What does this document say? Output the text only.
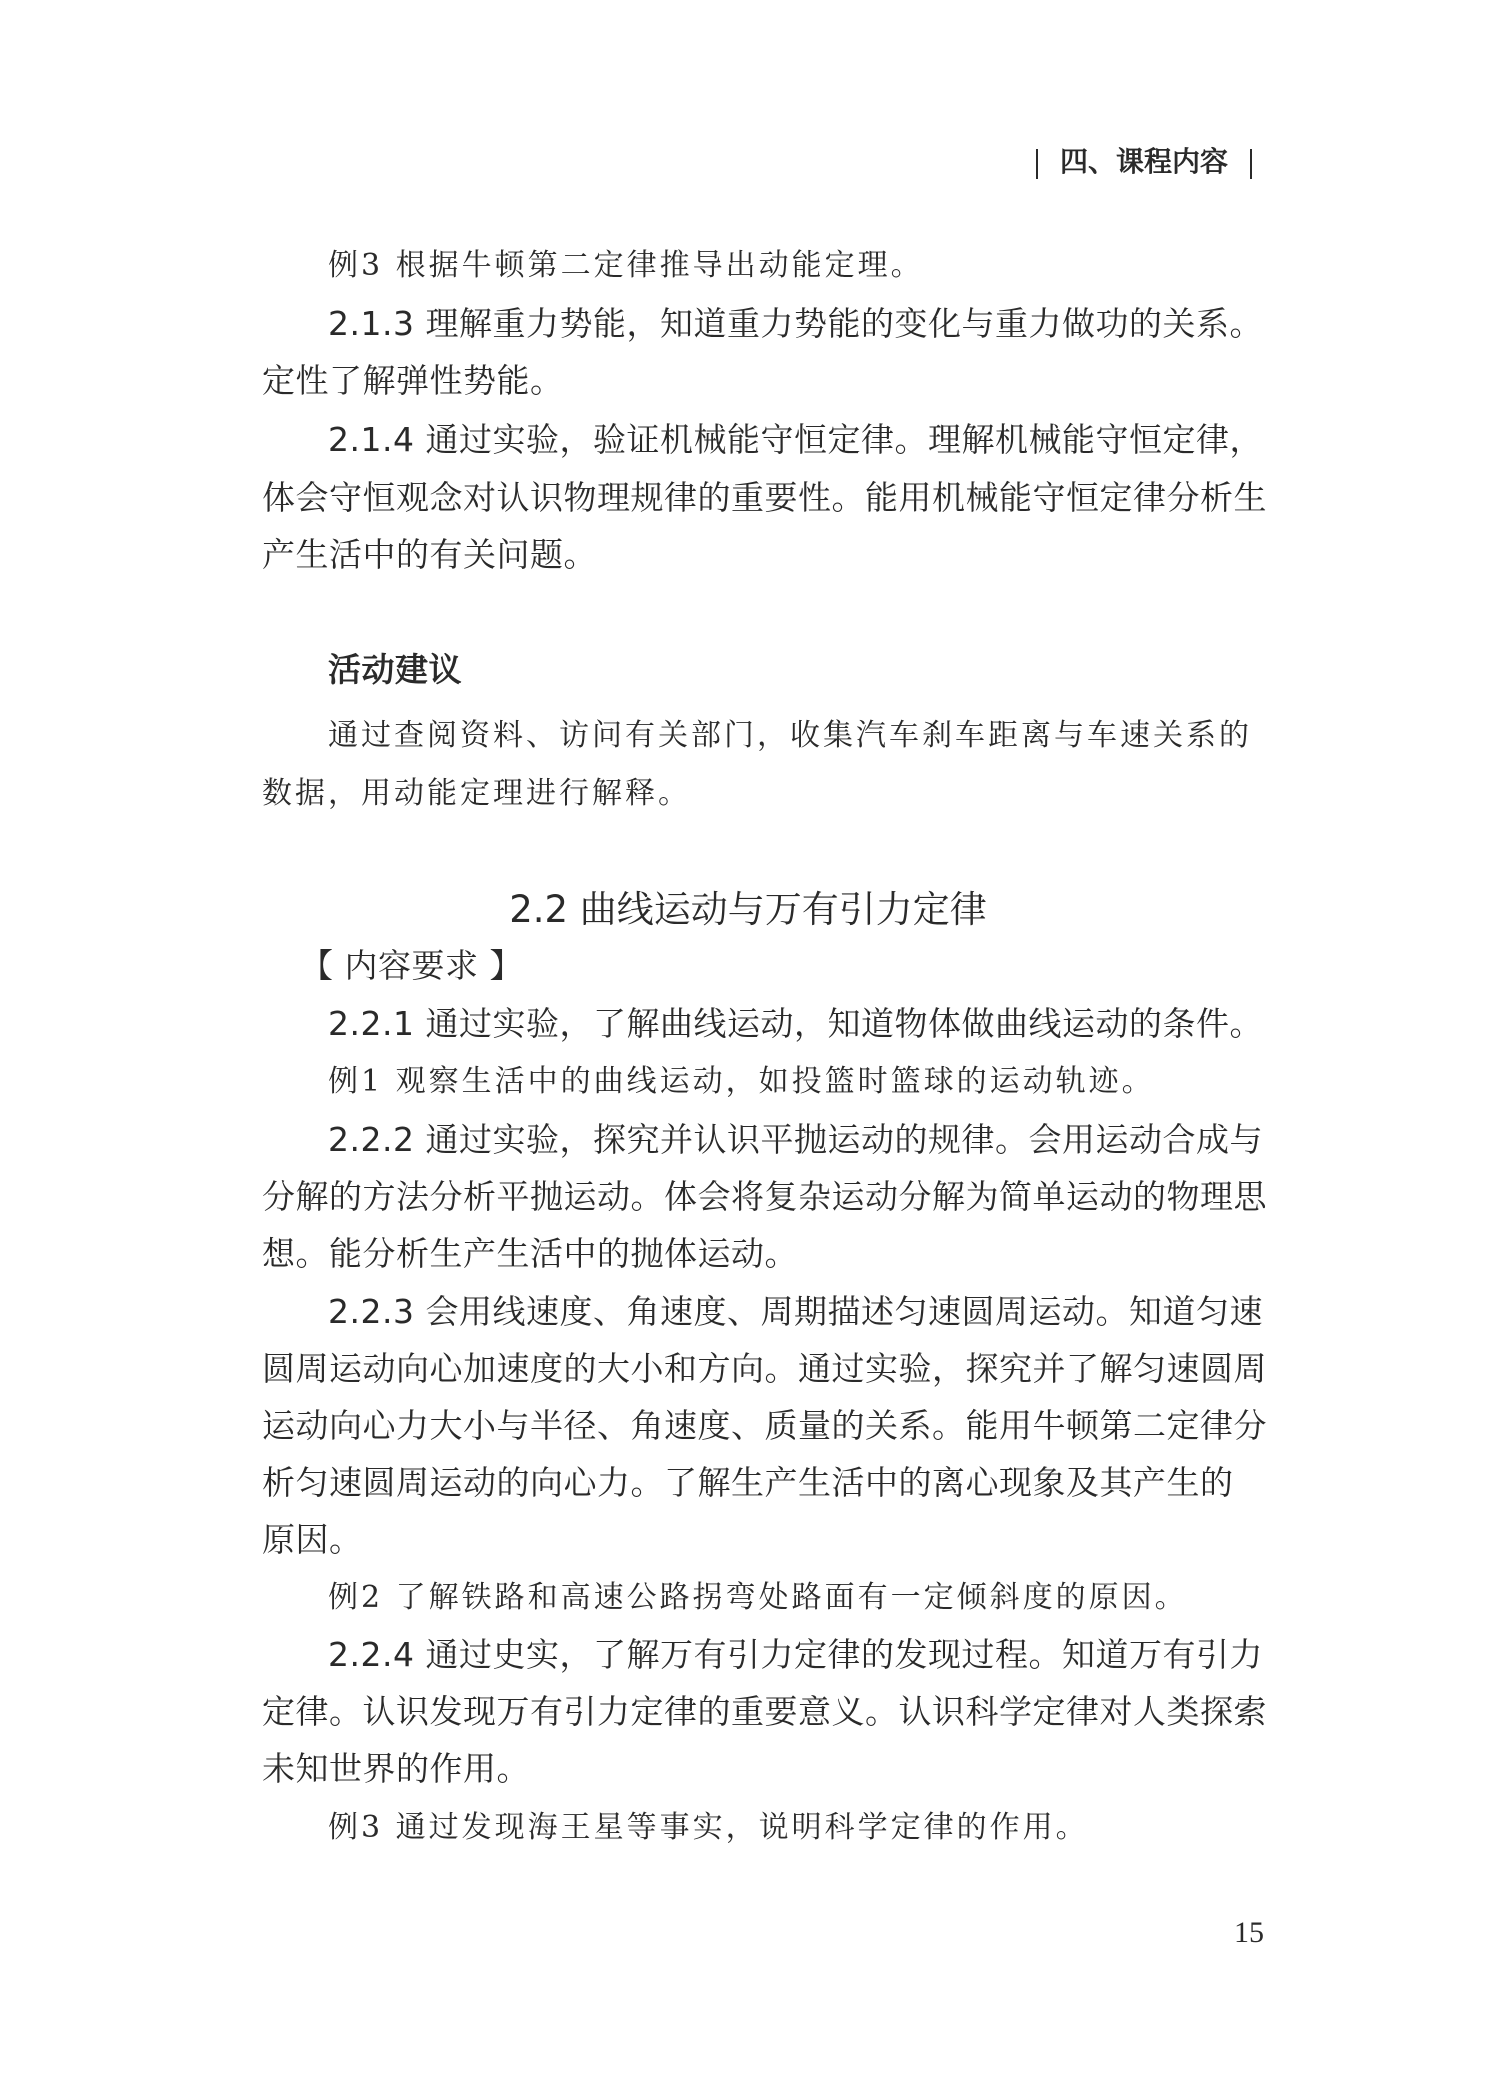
四、课程内容
例3 根据牛顿第二定律推导出动能定理。
2.1.3 理解重力势能，知道重力势能的变化与重力做功的关系。
定性了解弹性势能。
2.1.4 通过实验，验证机械能守恒定律。理解机械能守恒定律，
体会守恒观念对认识物理规律的重要性。能用机械能守恒定律分析生
产生活中的有关问题。
活动建议
通过查阅资料、访问有关部门，收集汽车刹车距离与车速关系的
数据，用动能定理进行解释。
2.2 曲线运动与万有引力定律
【 内容要求 】
2.2.1 通过实验，了解曲线运动，知道物体做曲线运动的条件。
例1 观察生活中的曲线运动，如投篮时篮球的运动轨迹。
2.2.2 通过实验，探究并认识平抛运动的规律。会用运动合成与
分解的方法分析平抛运动。体会将复杂运动分解为简单运动的物理思
想。能分析生产生活中的抛体运动。
2.2.3 会用线速度、角速度、周期描述匀速圆周运动。知道匀速
圆周运动向心加速度的大小和方向。通过实验，探究并了解匀速圆周
运动向心力大小与半径、角速度、质量的关系。能用牛顿第二定律分
析匀速圆周运动的向心力。了解生产生活中的离心现象及其产生的
原因。
例2 了解铁路和高速公路拐弯处路面有一定倾斜度的原因。
2.2.4 通过史实，了解万有引力定律的发现过程。知道万有引力
定律。认识发现万有引力定律的重要意义。认识科学定律对人类探索
未知世界的作用。
例3 通过发现海王星等事实，说明科学定律的作用。
15
